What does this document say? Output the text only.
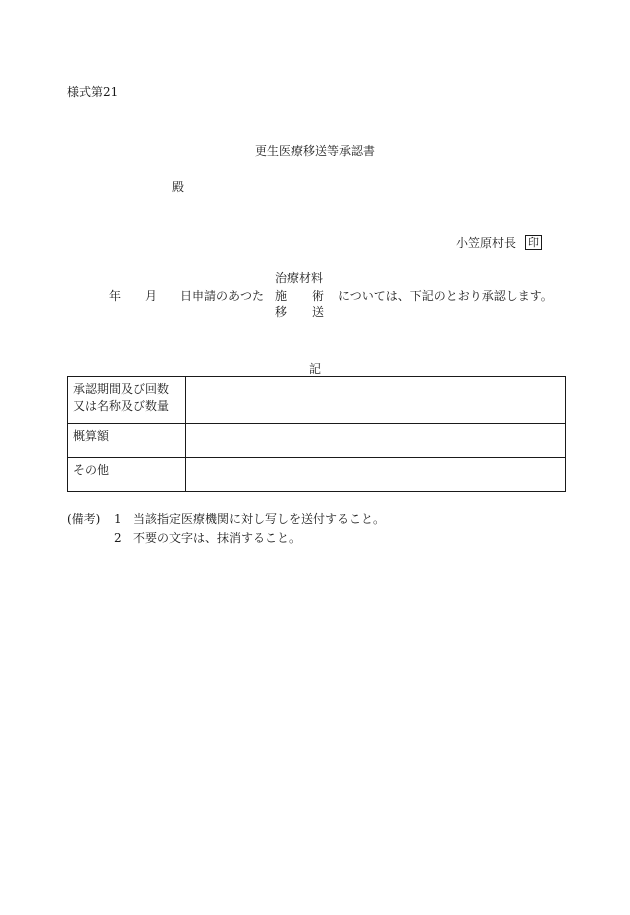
様式第21
更生医療移送等承認書
殿
小笠原村長 印
年 月 日申請のあつた
治療材料
施 術
移 送
については、下記のとおり承認します。
記
承認期間及び回数
又は名称及び数量	

概算額	
その他	
(備考) 1 当該指定医療機関に対し写しを送付すること。
2 不要の文字は、抹消すること。
